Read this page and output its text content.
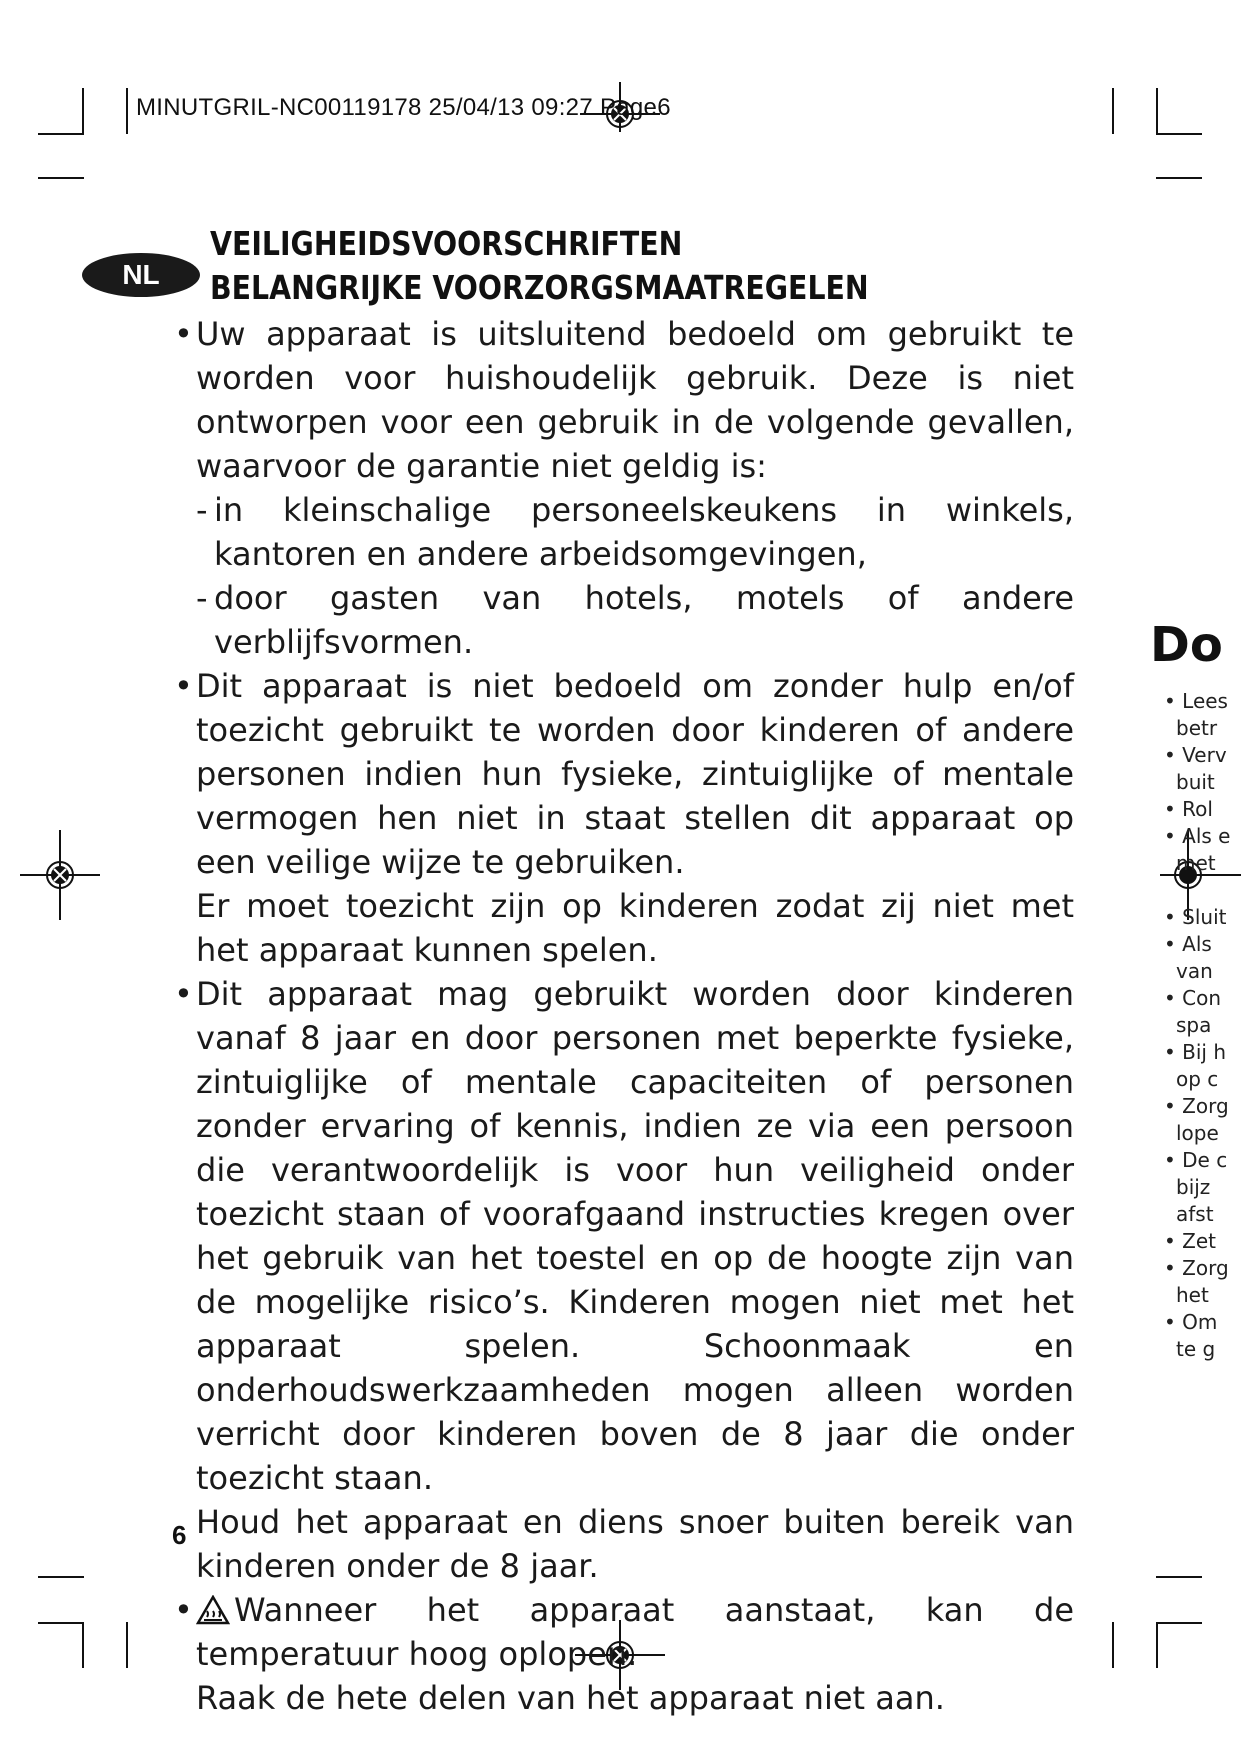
MINUTGRIL-NC00119178 25/04/13 09:27 Page6
NL
VEILIGHEIDSVOORSCHRIFTEN
BELANGRIJKE VOORZORGSMAATREGELEN

• Uw apparaat is uitsluitend bedoeld om gebruikt te worden voor huishoudelijk gebruik. Deze is niet ontworpen voor een gebruik in de volgende gevallen, waarvoor de garantie niet geldig is:

- in kleinschalige personeelskeukens in winkels, kantoren en andere arbeidsomgevingen,

- door gasten van hotels, motels of andere verblijfsvormen.

• Dit apparaat is niet bedoeld om zonder hulp en/of toezicht gebruikt te worden door kinderen of andere personen indien hun fysieke, zintuiglijke of mentale vermogen hen niet in staat stellen dit apparaat op een veilige wijze te gebruiken.

Er moet toezicht zijn op kinderen zodat zij niet met het apparaat kunnen spelen.

• Dit apparaat mag gebruikt worden door kinderen vanaf 8 jaar en door personen met beperkte fysieke, zintuiglijke of mentale capaciteiten of personen zonder ervaring of kennis, indien ze via een persoon die verantwoordelijk is voor hun veiligheid onder toezicht staan of voorafgaand instructies kregen over het gebruik van het toestel en op de hoogte zijn van de mogelijke risico’s. Kinderen mogen niet met het apparaat spelen. Schoonmaak en onderhoudswerkzaamheden mogen alleen worden verricht door kinderen boven de 8 jaar die onder toezicht staan.

Houd het apparaat en diens snoer buiten bereik van kinderen onder de 8 jaar.

• Wanneer het apparaat aanstaat, kan de temperatuur hoog oplopen.

Raak de hete delen van het apparaat niet aan.

6
Do
• Lees
betr
• Verv
buit
• Rol
• Als e
met
• Sluit
• Als
van
• Con
spa
• Bij h
op c
• Zorg
lope
• De c
bijz
afst
• Zet
• Zorg
het
• Om
te g
